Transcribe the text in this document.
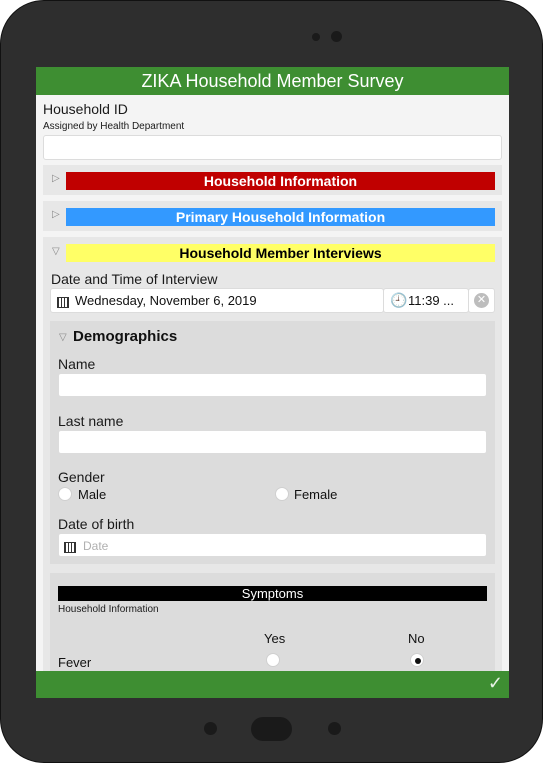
ZIKA Household Member Survey
Household ID
Assigned by Health Department
▷	Household Information
▷	Primary Household Information
▽	Household Member Interviews
Date and Time of Interview
Wednesday, November 6, 2019	🕘 11:39 ... ✕
▽ Demographics
Name
Last name
Gender
Male	Female
Date of birth
Date
Symptoms
Household Information
Yes	No
Fever
✓
